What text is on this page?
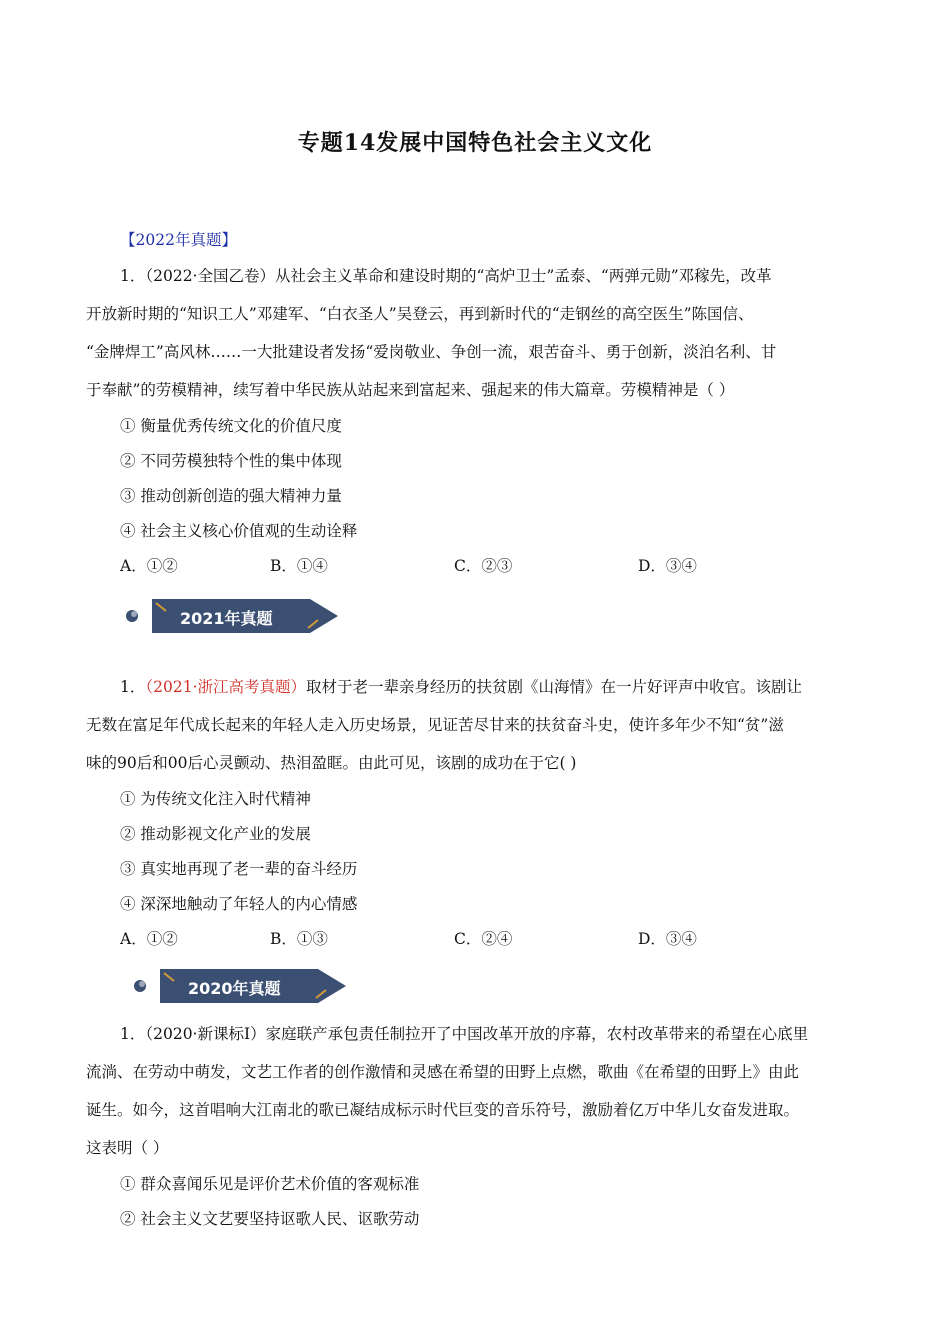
专题14发展中国特色社会主义文化
【2022年真题】
1．（2022·全国乙卷）从社会主义革命和建设时期的“高炉卫士”孟泰、“两弹元勋”邓稼先，改革
开放新时期的“知识工人”邓建军、“白衣圣人”吴登云，再到新时代的“走钢丝的高空医生”陈国信、
“金牌焊工”高风林……一大批建设者发扬“爱岗敬业、争创一流，艰苦奋斗、勇于创新，淡泊名利、甘
于奉献”的劳模精神，续写着中华民族从站起来到富起来、强起来的伟大篇章。劳模精神是（ ）
① 衡量优秀传统文化的价值尺度
② 不同劳模独特个性的集中体现
③ 推动创新创造的强大精神力量
④ 社会主义核心价值观的生动诠释
A．①②	B．①④	C．②③	D．③④
2021年真题
1．（2021·浙江高考真题）取材于老一辈亲身经历的扶贫剧《山海情》在一片好评声中收官。该剧让
无数在富足年代成长起来的年轻人走入历史场景，见证苦尽甘来的扶贫奋斗史，使许多年少不知“贫”滋
味的90后和00后心灵颤动、热泪盈眶。由此可见，该剧的成功在于它( )
① 为传统文化注入时代精神
② 推动影视文化产业的发展
③ 真实地再现了老一辈的奋斗经历
④ 深深地触动了年轻人的内心情感
A．①②	B．①③	C．②④	D．③④
2020年真题
1．（2020·新课标Ⅰ）家庭联产承包责任制拉开了中国改革开放的序幕，农村改革带来的希望在心底里
流淌、在劳动中萌发，文艺工作者的创作激情和灵感在希望的田野上点燃，歌曲《在希望的田野上》由此
诞生。如今，这首唱响大江南北的歌已凝结成标示时代巨变的音乐符号，激励着亿万中华儿女奋发进取。
这表明（ ）
① 群众喜闻乐见是评价艺术价值的客观标准
② 社会主义文艺要坚持讴歌人民、讴歌劳动
